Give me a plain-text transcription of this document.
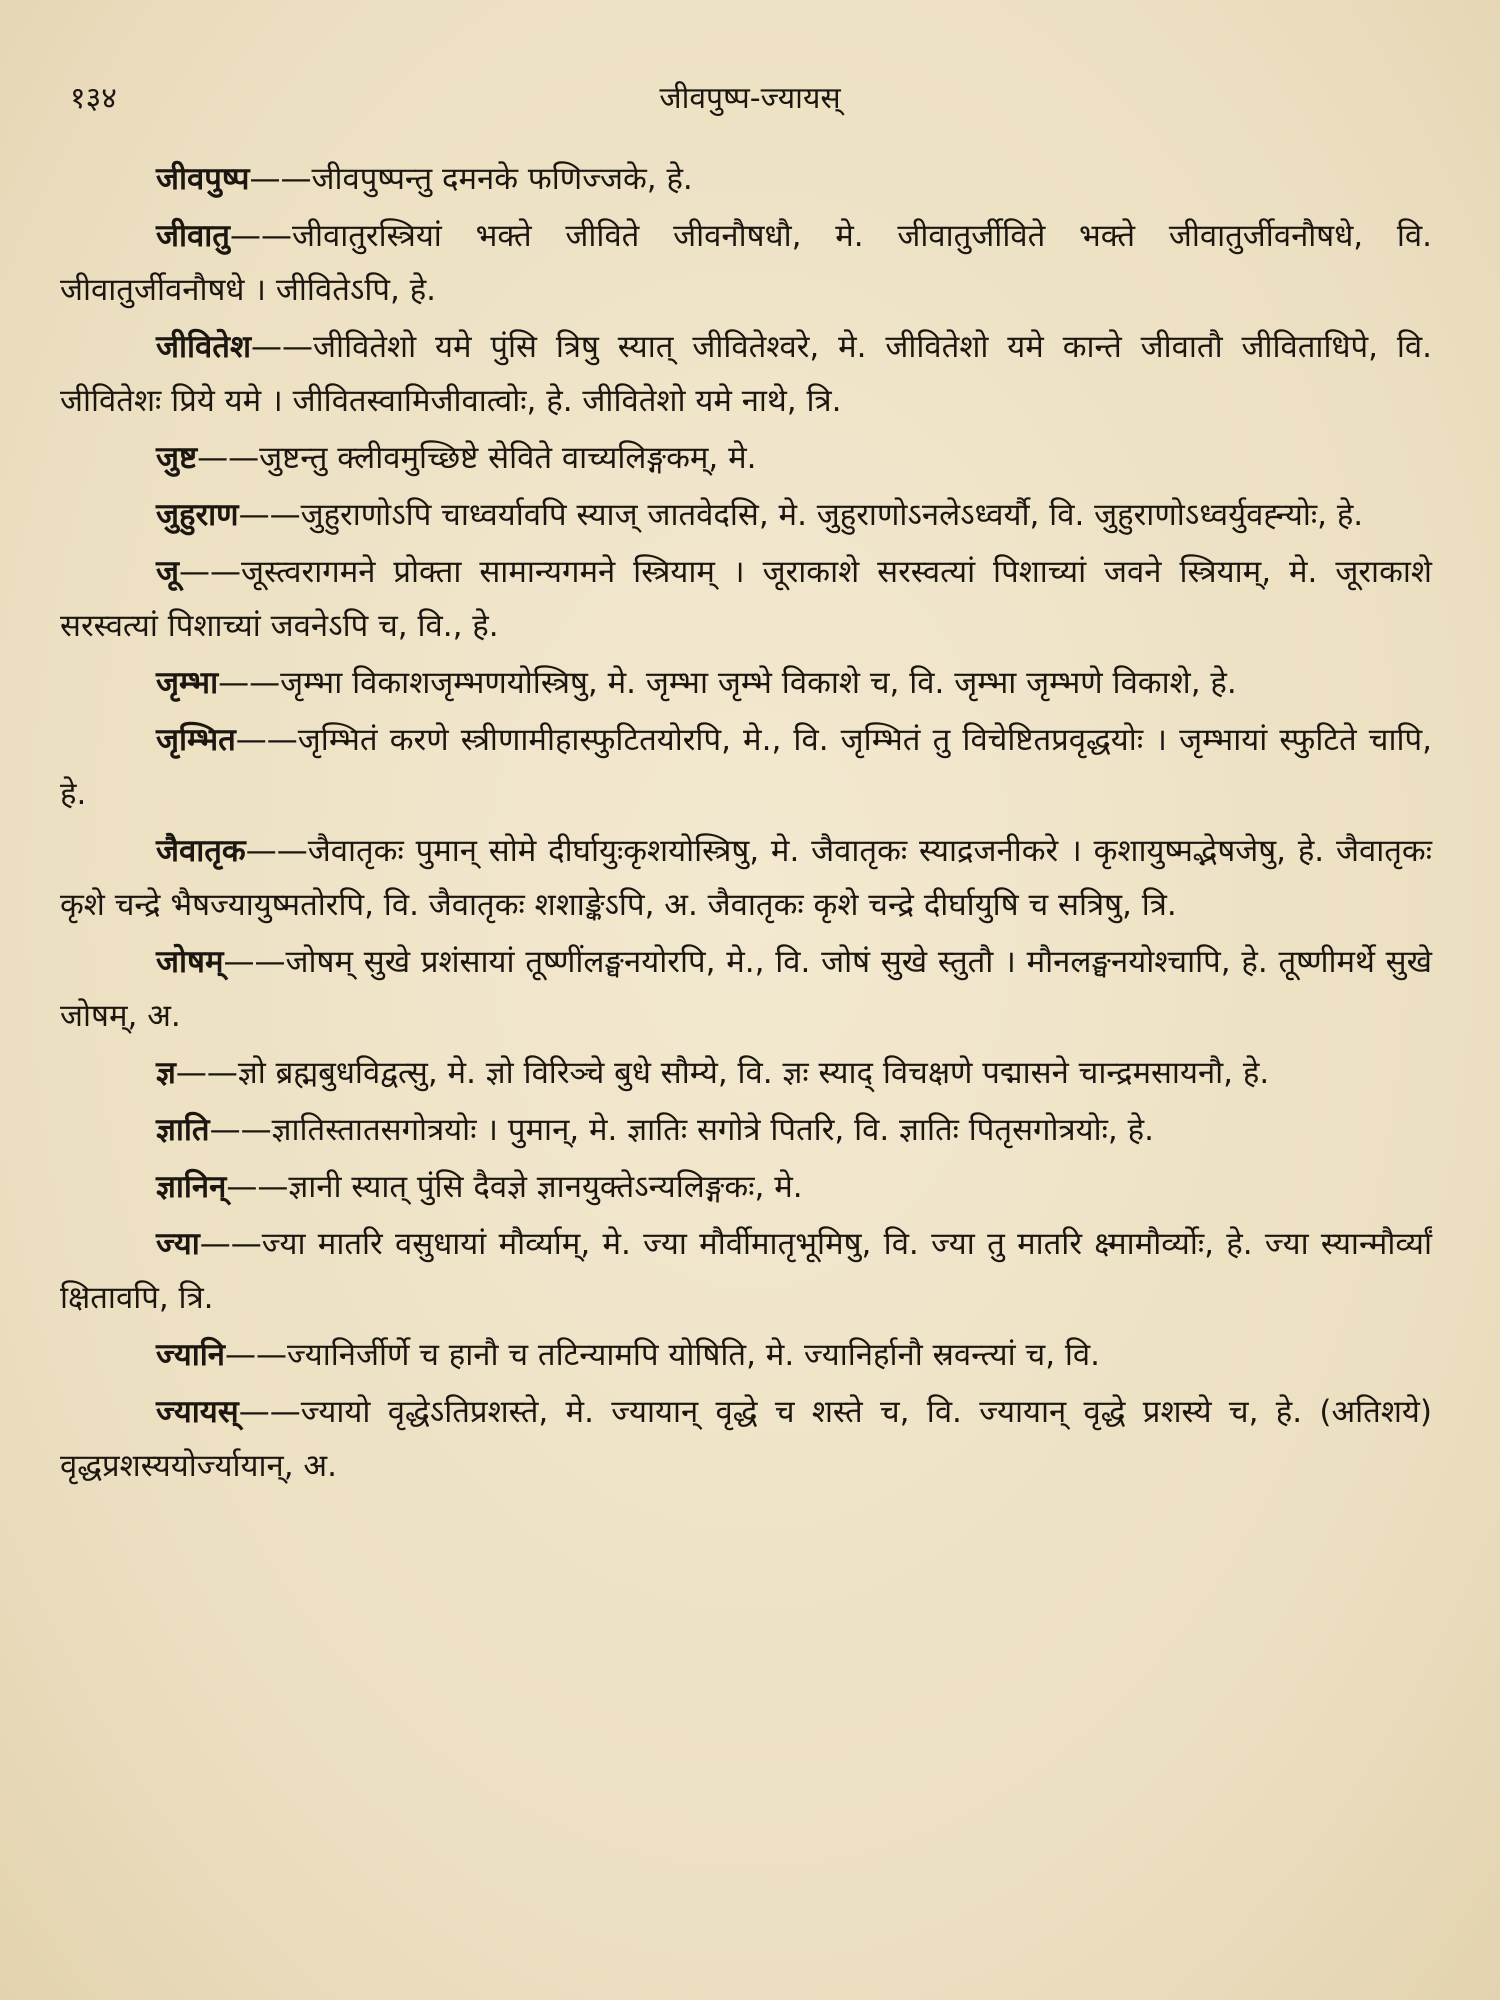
१३४	जीवपुष्प-ज्यायस्

जीवपुष्प——जीवपुष्पन्तु दमनके फणिज्जके, हे.

जीवातु——जीवातुरस्त्रियां भक्ते जीविते जीवनौषधौ, मे. जीवातुर्जीविते भक्ते जीवातुर्जीवनौषधे, वि. जीवातुर्जीवनौषधे । जीवितेऽपि, हे.

जीवितेश——जीवितेशो यमे पुंसि त्रिषु स्यात् जीवितेश्वरे, मे. जीवितेशो यमे कान्ते जीवातौ जीविताधिपे, वि. जीवितेशः प्रिये यमे । जीवितस्वामिजीवात्वोः, हे. जीवितेशो यमे नाथे, त्रि.

जुष्ट——जुष्टन्तु क्लीवमुच्छिष्टे सेविते वाच्यलिङ्गकम्, मे.

जुहुराण——जुहुराणोऽपि चाध्वर्यावपि स्याज् जातवेदसि, मे. जुहुराणोऽनलेऽध्वर्यौ, वि. जुहुराणोऽध्वर्युवह्न्योः, हे.

जू——जूस्त्वरागमने प्रोक्ता सामान्यगमने स्त्रियाम् । जूराकाशे सरस्वत्यां पिशाच्यां जवने स्त्रियाम्, मे. जूराकाशे सरस्वत्यां पिशाच्यां जवनेऽपि च, वि., हे.

जृम्भा——जृम्भा विकाशजृम्भणयोस्त्रिषु, मे. जृम्भा जृम्भे विकाशे च, वि. जृम्भा जृम्भणे विकाशे, हे.

जृम्भित——जृम्भितं करणे स्त्रीणामीहास्फुटितयोरपि, मे., वि. जृम्भितं तु विचेष्टितप्रवृद्धयोः । जृम्भायां स्फुटिते चापि, हे.

जैवातृक——जैवातृकः पुमान् सोमे दीर्घायुःकृशयोस्त्रिषु, मे. जैवातृकः स्याद्रजनीकरे । कृशायुष्मद्भेषजेषु, हे. जैवातृकः कृशे चन्द्रे भैषज्यायुष्मतोरपि, वि. जैवातृकः शशाङ्केऽपि, अ. जैवातृकः कृशे चन्द्रे दीर्घायुषि च सत्रिषु, त्रि.

जोषम्——जोषम् सुखे प्रशंसायां तूष्णींलङ्घनयोरपि, मे., वि. जोषं सुखे स्तुतौ । मौनलङ्घनयोश्चापि, हे. तूष्णीमर्थे सुखे जोषम्, अ.

ज्ञ——ज्ञो ब्रह्मबुधविद्वत्सु, मे. ज्ञो विरिञ्चे बुधे सौम्ये, वि. ज्ञः स्याद् विचक्षणे पद्मासने चान्द्रमसायनौ, हे.

ज्ञाति——ज्ञातिस्तातसगोत्रयोः । पुमान्, मे. ज्ञातिः सगोत्रे पितरि, वि. ज्ञातिः पितृसगोत्रयोः, हे.

ज्ञानिन्——ज्ञानी स्यात् पुंसि दैवज्ञे ज्ञानयुक्तेऽन्यलिङ्गकः, मे.

ज्या——ज्या मातरि वसुधायां मौर्व्याम्, मे. ज्या मौर्वीमातृभूमिषु, वि. ज्या तु मातरि क्ष्मामौर्व्योः, हे. ज्या स्यान्मौर्व्यां क्षितावपि, त्रि.

ज्यानि——ज्यानिर्जीर्णे च हानौ च तटिन्यामपि योषिति, मे. ज्यानिर्हानौ स्रवन्त्यां च, वि.

ज्यायस्——ज्यायो वृद्धेऽतिप्रशस्ते, मे. ज्यायान् वृद्धे च शस्ते च, वि. ज्यायान् वृद्धे प्रशस्ये च, हे. (अतिशये) वृद्धप्रशस्ययोर्ज्यायान्, अ.
